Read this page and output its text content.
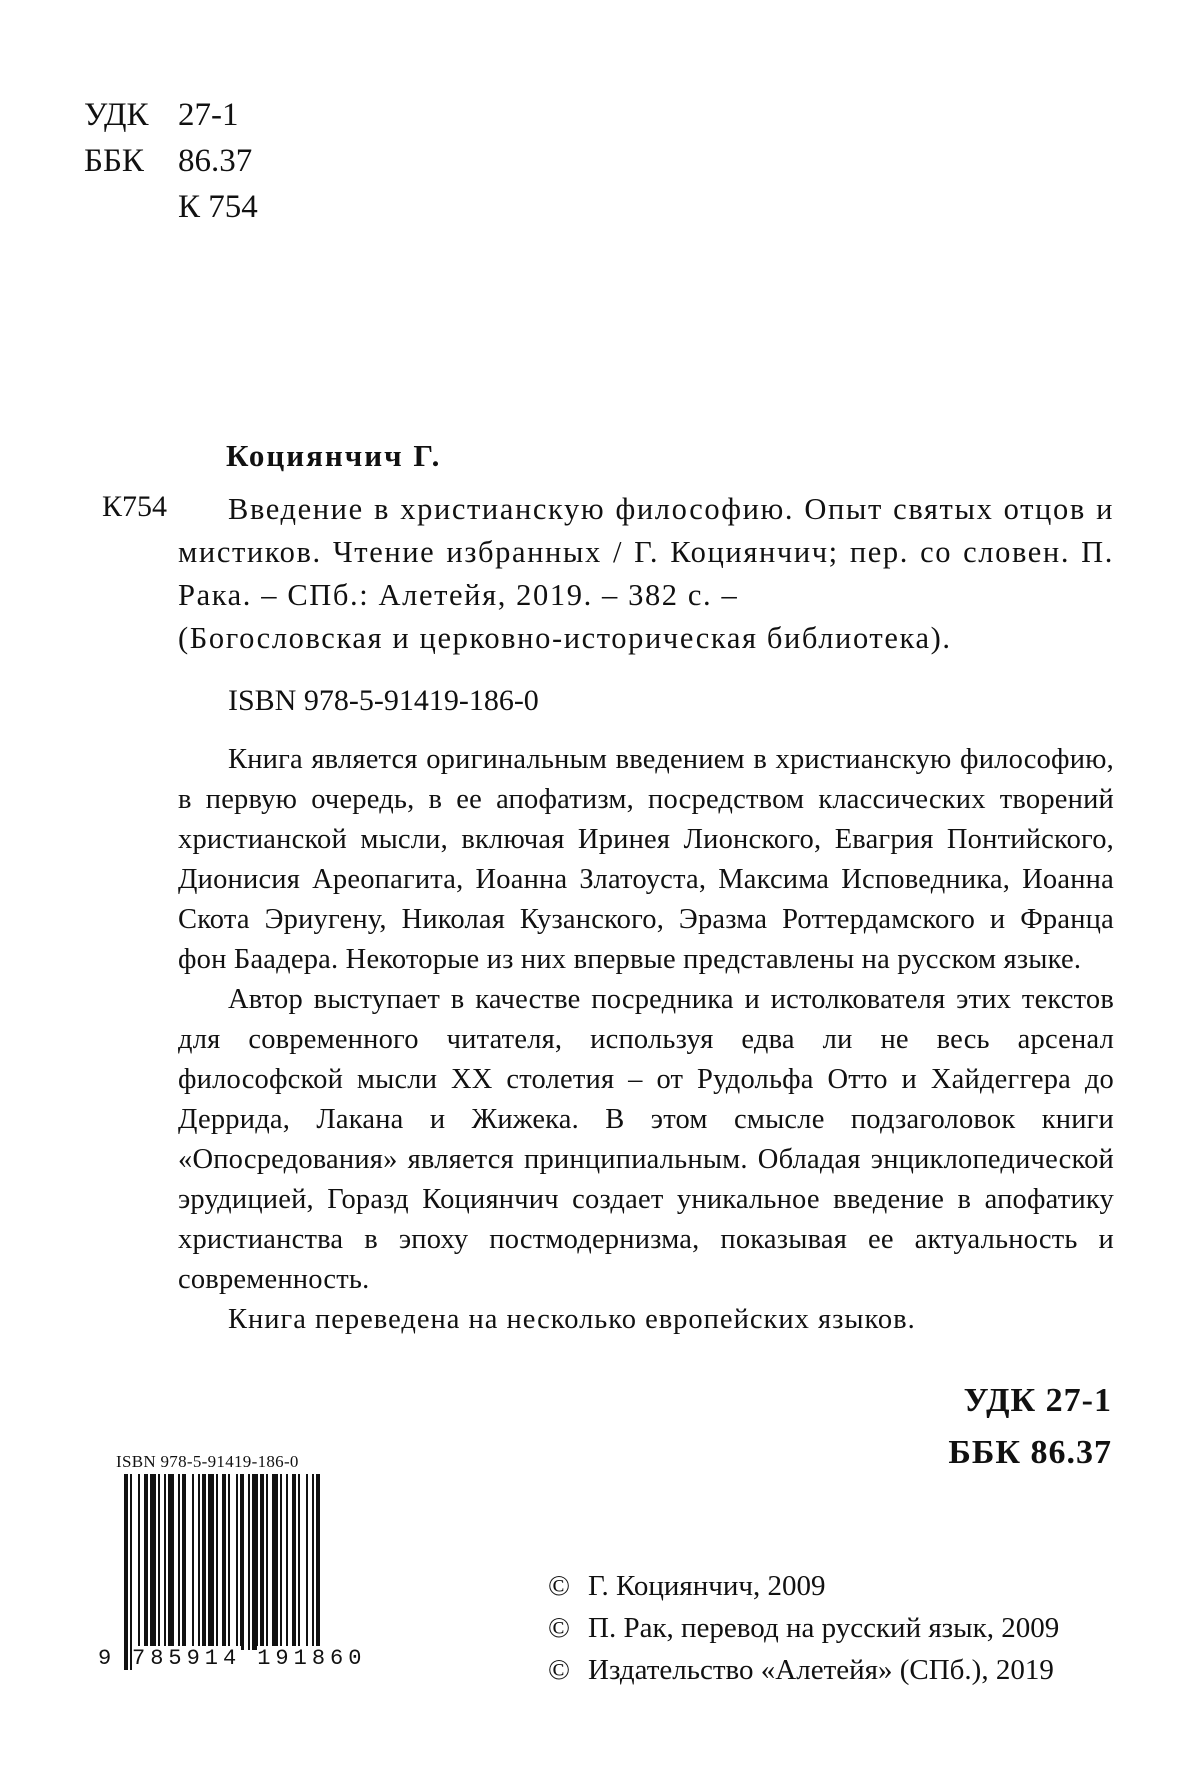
УДК 27-1
ББК	86.37
К 754
Коциянчич Г.
К754	Введение в христианскую философию. Опыт святых отцов и мистиков. Чтение избранных / Г. Коциянчич; пер. со словен. П. Рака. – СПб.: Алетейя, 2019. – 382 с. –

(Богословская и церковно-историческая библиотека).

ISBN 978-5-91419-186-0

Книга является оригинальным введением в христианскую философию, в первую очередь, в ее апофатизм, посредством классических творений христианской мысли, включая Иринея Лионского, Евагрия Понтийского, Дионисия Ареопагита, Иоанна Златоуста, Максима Исповедника, Иоанна Скота Эриугену, Николая Кузанского, Эразма Роттердамского и Франца фон Баадера. Некоторые из них впервые представлены на русском языке.

Автор выступает в качестве посредника и истолкователя этих текстов для современного читателя, используя едва ли не весь арсенал философской мысли XX столетия – от Рудольфа Отто и Хайдеггера до Деррида, Лакана и Жижека. В этом смысле подзаголовок книги «Опосредования» является принципиальным. Обладая энциклопедической эрудицией, Горазд Коциянчич создает уникальное введение в апофатику христианства в эпоху постмодернизма, показывая ее актуальность и современность.

Книга переведена на несколько европейских языков.

УДК 27-1
ББК 86.37
ISBN 978-5-91419-186-0
9 785914 191860
© Г. Коциянчич, 2009
© П. Рак, перевод на русский язык, 2009
© Издательство «Алетейя» (СПб.), 2019
